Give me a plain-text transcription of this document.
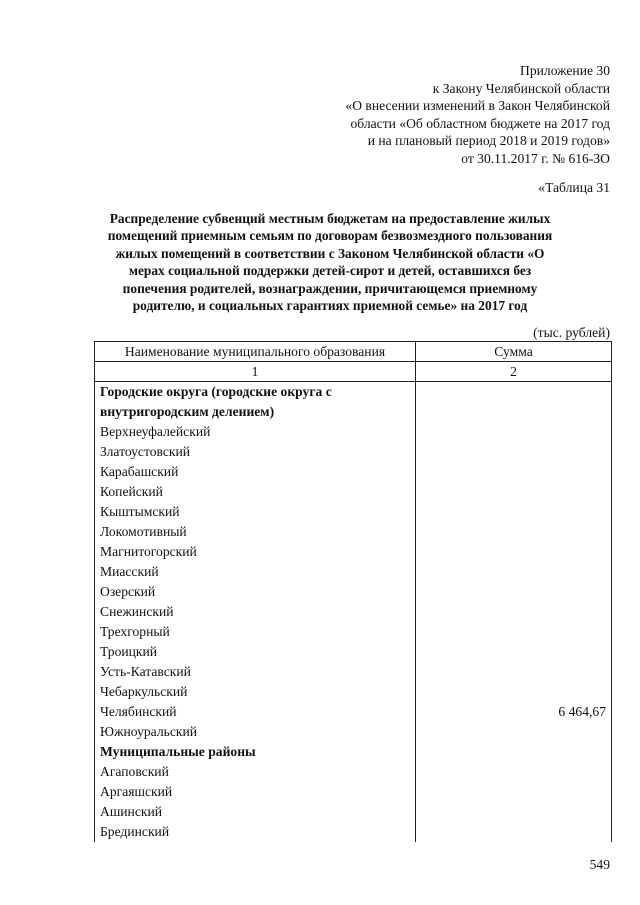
Приложение 30
к Закону Челябинской области
«О внесении изменений в Закон Челябинской
области «Об областном бюджете на 2017 год
и на плановый период 2018 и 2019 годов»
от 30.11.2017 г. № 616-ЗО
«Таблица 31
Распределение субвенций местным бюджетам на предоставление жилых помещений приемным семьям по договорам безвозмездного пользования жилых помещений в соответствии с Законом Челябинской области «О мерах социальной поддержки детей-сирот и детей, оставшихся без попечения родителей, вознаграждении, причитающемся приемному родителю, и социальных гарантиях приемной семье» на 2017 год
(тыс. рублей)
Наименование муниципального образования	Сумма
1	2
Городские округа (городские округа с внутригородским делением)	
Верхнеуфалейский	
Златоустовский	
Карабашский	
Копейский	
Кыштымский	
Локомотивный	
Магнитогорский	
Миасский	
Озерский	
Снежинский	
Трехгорный	
Троицкий	
Усть-Катавский	
Чебаркульский	
Челябинский	6 464,67
Южноуральский	
Муниципальные районы	
Агаповский	
Аргаяшский	
Ашинский	
Брединский	
549
